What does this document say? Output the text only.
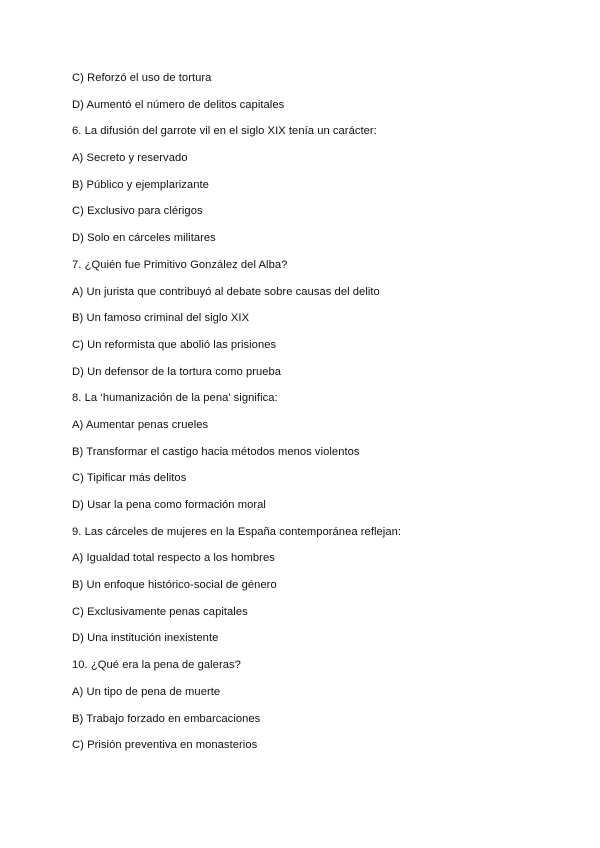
C) Reforzó el uso de tortura
D) Aumentó el número de delitos capitales
6. La difusión del garrote vil en el siglo XIX tenía un carácter:
A) Secreto y reservado
B) Público y ejemplarizante
C) Exclusivo para clérigos
D) Solo en cárceles militares
7. ¿Quién fue Primitivo González del Alba?
A) Un jurista que contribuyó al debate sobre causas del delito
B) Un famoso criminal del siglo XIX
C) Un reformista que abolió las prisiones
D) Un defensor de la tortura como prueba
8. La ‘humanización de la pena’ significa:
A) Aumentar penas crueles
B) Transformar el castigo hacia métodos menos violentos
C) Tipificar más delitos
D) Usar la pena como formación moral
9. Las cárceles de mujeres en la España contemporánea reflejan:
A) Igualdad total respecto a los hombres
B) Un enfoque histórico-social de género
C) Exclusivamente penas capitales
D) Una institución inexistente
10. ¿Qué era la pena de galeras?
A) Un tipo de pena de muerte
B) Trabajo forzado en embarcaciones
C) Prisión preventiva en monasterios
